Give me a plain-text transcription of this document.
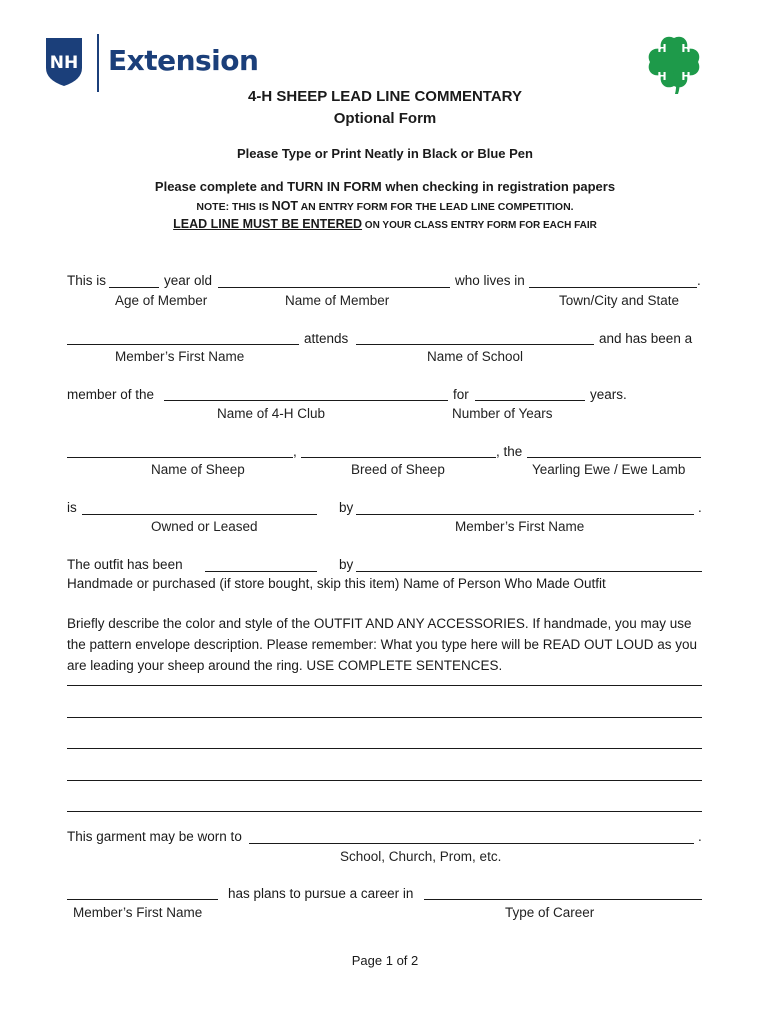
NH Extension	H H
H H
4-H SHEEP LEAD LINE COMMENTARY
Optional Form
Please Type or Print Neatly in Black or Blue Pen
Please complete and TURN IN FORM when checking in registration papers
NOTE: THIS IS NOT AN ENTRY FORM FOR THE LEAD LINE COMPETITION.
LEAD LINE MUST BE ENTERED ON YOUR CLASS ENTRY FORM FOR EACH FAIR
This is	year old	who lives in	.
Age of Member	Name of Member	Town/City and State
attends	and has been a
Member’s First Name	Name of School
member of the	for	years.
Name of 4-H Club	Number of Years
,	, the
Name of Sheep	Breed of Sheep	Yearling Ewe / Ewe Lamb
is	by	.
Owned or Leased	Member’s First Name
The outfit has been	by
Handmade or purchased (if store bought, skip this item) Name of Person Who Made Outfit
Briefly describe the color and style of the OUTFIT AND ANY ACCESSORIES. If handmade, you may use the pattern envelope description. Please remember: What you type here will be READ OUT LOUD as you are leading your sheep around the ring. USE COMPLETE SENTENCES.
This garment may be worn to	.
School, Church, Prom, etc.
has plans to pursue a career in
Member’s First Name	Type of Career
Page 1 of 2
